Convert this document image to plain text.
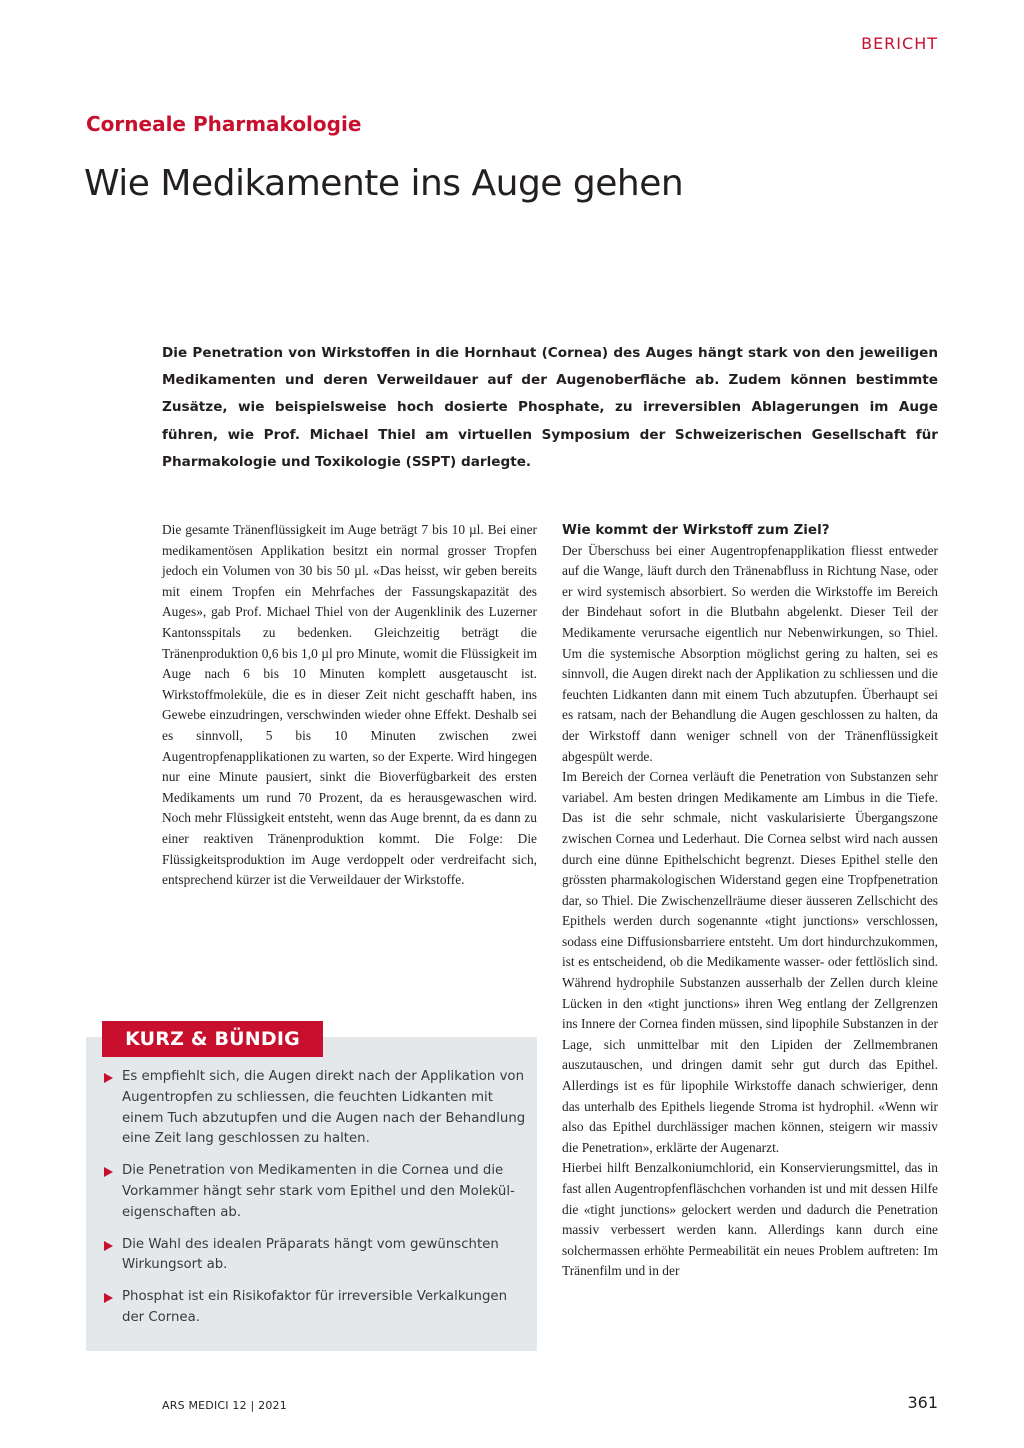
BERICHT
Corneale Pharmakologie
Wie Medikamente ins Auge gehen

Die Penetration von Wirkstoffen in die Hornhaut (Cornea) des Auges hängt stark von den jeweiligen Medikamenten und deren Verweildauer auf der Augenoberfläche ab. Zudem können bestimmte Zusätze, wie beispielsweise hoch dosierte Phosphate, zu irreversiblen Ablagerungen im Auge führen, wie Prof. Michael Thiel am virtuellen Symposium der Schweizerischen Gesellschaft für Pharmakologie und Toxikologie (SSPT) darlegte.

Die gesamte Tränenflüssigkeit im Auge beträgt 7 bis 10 µl. Bei einer medikamentösen Applikation besitzt ein normal grosser Tropfen jedoch ein Volumen von 30 bis 50 µl. «Das heisst, wir geben bereits mit einem Tropfen ein Mehrfaches der Fassungskapazität des Auges», gab Prof. Michael Thiel von der Augenklinik des Luzerner Kantonsspitals zu bedenken. Gleichzeitig beträgt die Tränenproduktion 0,6 bis 1,0 µl pro Minute, womit die Flüssigkeit im Auge nach 6 bis 10 Minuten komplett ausgetauscht ist. Wirkstoffmoleküle, die es in dieser Zeit nicht geschafft haben, ins Gewebe einzudringen, verschwinden wieder ohne Effekt. Deshalb sei es sinnvoll, 5 bis 10 Minuten zwischen zwei Augentropfenapplikationen zu warten, so der Experte. Wird hingegen nur eine Minute pausiert, sinkt die Bioverfügbarkeit des ersten Medikaments um rund 70 Prozent, da es herausgewaschen wird. Noch mehr Flüssigkeit entsteht, wenn das Auge brennt, da es dann zu einer reaktiven Tränenproduktion kommt. Die Folge: Die Flüssigkeitsproduktion im Auge verdoppelt oder verdreifacht sich, entsprechend kürzer ist die Verweildauer der Wirkstoffe.

Wie kommt der Wirkstoff zum Ziel?

Der Überschuss bei einer Augentropfenapplikation fliesst entweder auf die Wange, läuft durch den Tränenabfluss in Richtung Nase, oder er wird systemisch absorbiert. So werden die Wirkstoffe im Bereich der Bindehaut sofort in die Blutbahn abgelenkt. Dieser Teil der Medikamente verursache eigentlich nur Nebenwirkungen, so Thiel. Um die systemische Absorption möglichst gering zu halten, sei es sinnvoll, die Augen direkt nach der Applikation zu schliessen und die feuchten Lidkanten dann mit einem Tuch abzutupfen. Überhaupt sei es ratsam, nach der Behandlung die Augen geschlossen zu halten, da der Wirkstoff dann weniger schnell von der Tränenflüssigkeit abgespült werde.

Im Bereich der Cornea verläuft die Penetration von Substanzen sehr variabel. Am besten dringen Medikamente am Limbus in die Tiefe. Das ist die sehr schmale, nicht vaskularisierte Übergangszone zwischen Cornea und Lederhaut. Die Cornea selbst wird nach aussen durch eine dünne Epithelschicht begrenzt. Dieses Epithel stelle den grössten pharmakologischen Widerstand gegen eine Tropfpenetration dar, so Thiel. Die Zwischenzellräume dieser äusseren Zellschicht des Epithels werden durch sogenannte «tight junctions» verschlossen, sodass eine Diffusionsbarriere entsteht. Um dort hindurchzukommen, ist es entscheidend, ob die Medikamente wasser- oder fettlöslich sind. Während hydrophile Substanzen ausserhalb der Zellen durch kleine Lücken in den «tight junctions» ihren Weg entlang der Zellgrenzen ins Innere der Cornea finden müssen, sind lipophile Substanzen in der Lage, sich unmittelbar mit den Lipiden der Zellmembranen auszutauschen, und dringen damit sehr gut durch das Epithel. Allerdings ist es für lipophile Wirkstoffe danach schwieriger, denn das unterhalb des Epithels liegende Stroma ist hydrophil. «Wenn wir also das Epithel durchlässiger machen können, steigern wir massiv die Penetration», erklärte der Augenarzt.

Hierbei hilft Benzalkoniumchlorid, ein Konservierungsmittel, das in fast allen Augentropfenfläschchen vorhanden ist und mit dessen Hilfe die «tight junctions» gelockert werden und dadurch die Penetration massiv verbessert werden kann. Allerdings kann durch eine solchermassen erhöhte Permeabilität ein neues Problem auftreten: Im Tränenfilm und in der

KURZ & BÜNDIG
Es empfiehlt sich, die Augen direkt nach der Applikation von Augentropfen zu schliessen, die feuchten Lidkanten mit einem Tuch abzutupfen und die Augen nach der Behandlung eine Zeit lang geschlossen zu halten.
Die Penetration von Medikamenten in die Cornea und die Vorkammer hängt sehr stark vom Epithel und den Moleküleigenschaften ab.
Die Wahl des idealen Präparats hängt vom gewünschten Wirkungsort ab.
Phosphat ist ein Risikofaktor für irreversible Verkalkungen der Cornea.
ARS MEDICI 12 | 2021	361
